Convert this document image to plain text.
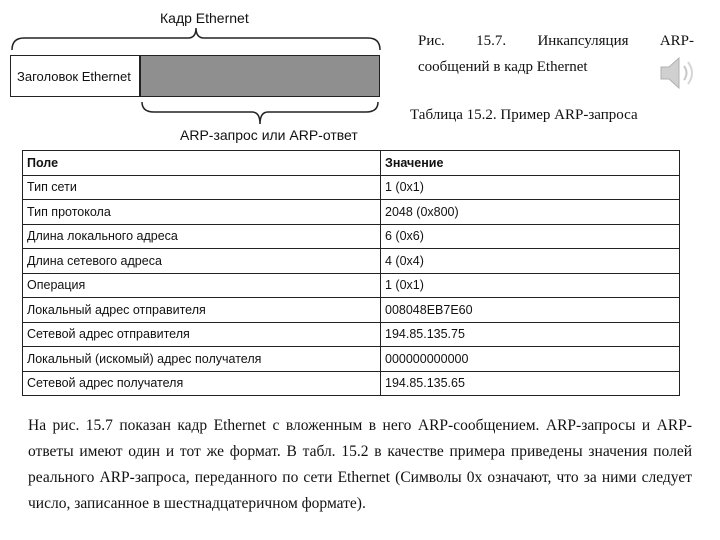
Кадр Ethernet
Заголовок Ethernet
ARP-запрос или ARP-ответ
Рис. 15.7. Инкапсуляция ARP-

сообщений в кадр Ethernet
Таблица 15.2. Пример ARP-запроса
Поле	Значение
Тип сети	1 (0x1)
Тип протокола	2048 (0x800)
Длина локального адреса	6 (0x6)
Длина сетевого адреса	4 (0x4)
Операция	1 (0x1)
Локальный адрес отправителя	008048EB7E60
Сетевой адрес отправителя	194.85.135.75
Локальный (искомый) адрес получателя	000000000000
Сетевой адрес получателя	194.85.135.65
На рис. 15.7 показан кадр Ethernet с вложенным в него ARP-сообщением. ARP-запросы и ARP-ответы имеют один и тот же формат. В табл. 15.2 в качестве примера приведены значения полей реального ARP-запроса, переданного по сети Ethernet (Символы 0x означают, что за ними следует число, записанное в шестнадцатеричном формате).
